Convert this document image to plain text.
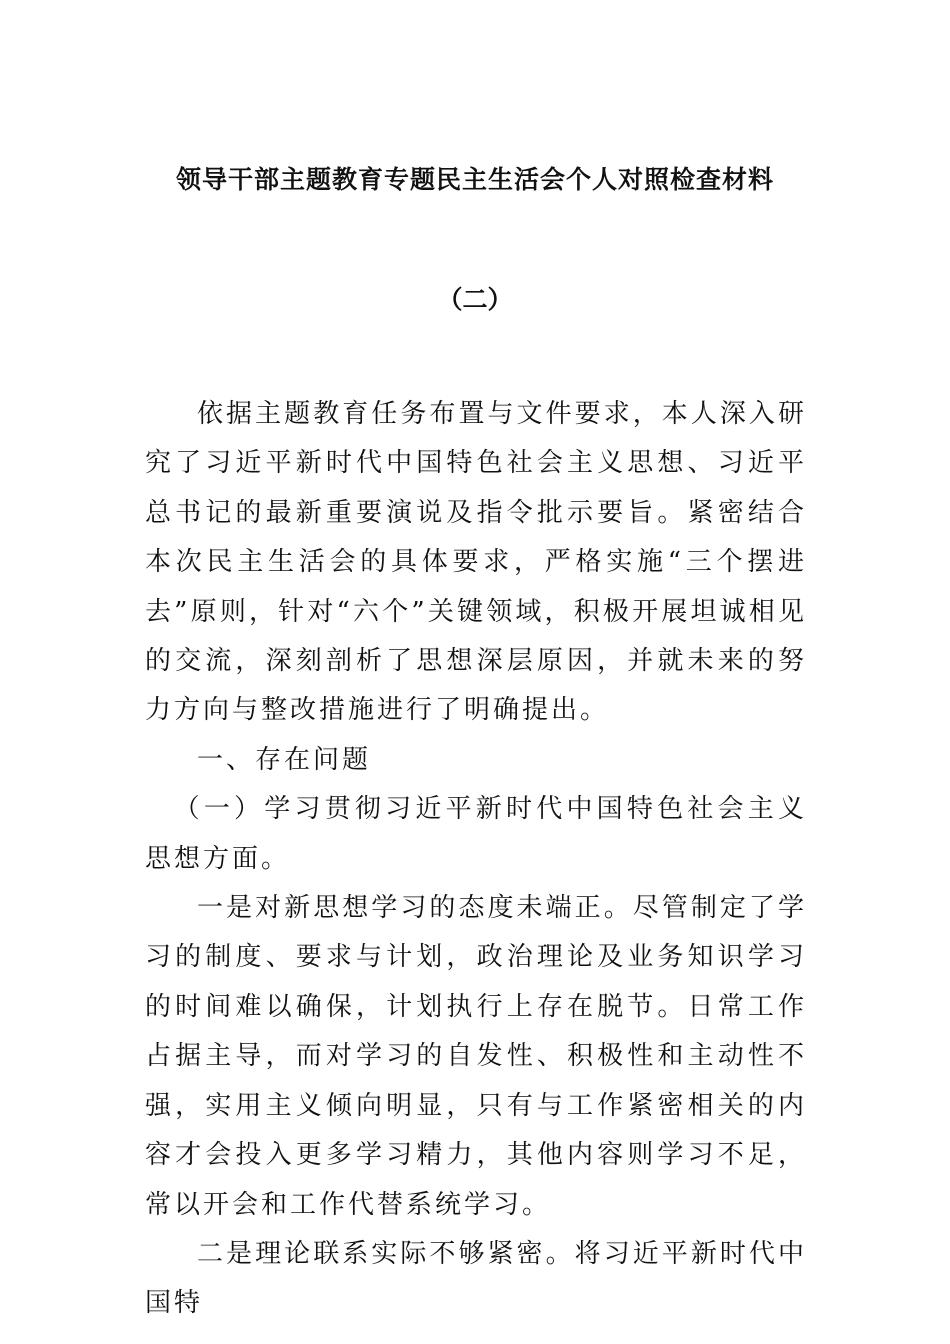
领导干部主题教育专题民主生活会个人对照检查材料
（二）

依据主题教育任务布置与文件要求，本人深入研究了习近平新时代中国特色社会主义思想、习近平总书记的最新重要演说及指令批示要旨。紧密结合本次民主生活会的具体要求，严格实施“三个摆进去”原则，针对“六个”关键领域，积极开展坦诚相见的交流，深刻剖析了思想深层原因，并就未来的努力方向与整改措施进行了明确提出。

一、存在问题

（一）学习贯彻习近平新时代中国特色社会主义思想方面。

一是对新思想学习的态度未端正。尽管制定了学习的制度、要求与计划，政治理论及业务知识学习的时间难以确保，计划执行上存在脱节。日常工作占据主导，而对学习的自发性、积极性和主动性不强，实用主义倾向明显，只有与工作紧密相关的内容才会投入更多学习精力，其他内容则学习不足，常以开会和工作代替系统学习。

二是理论联系实际不够紧密。将习近平新时代中国特
